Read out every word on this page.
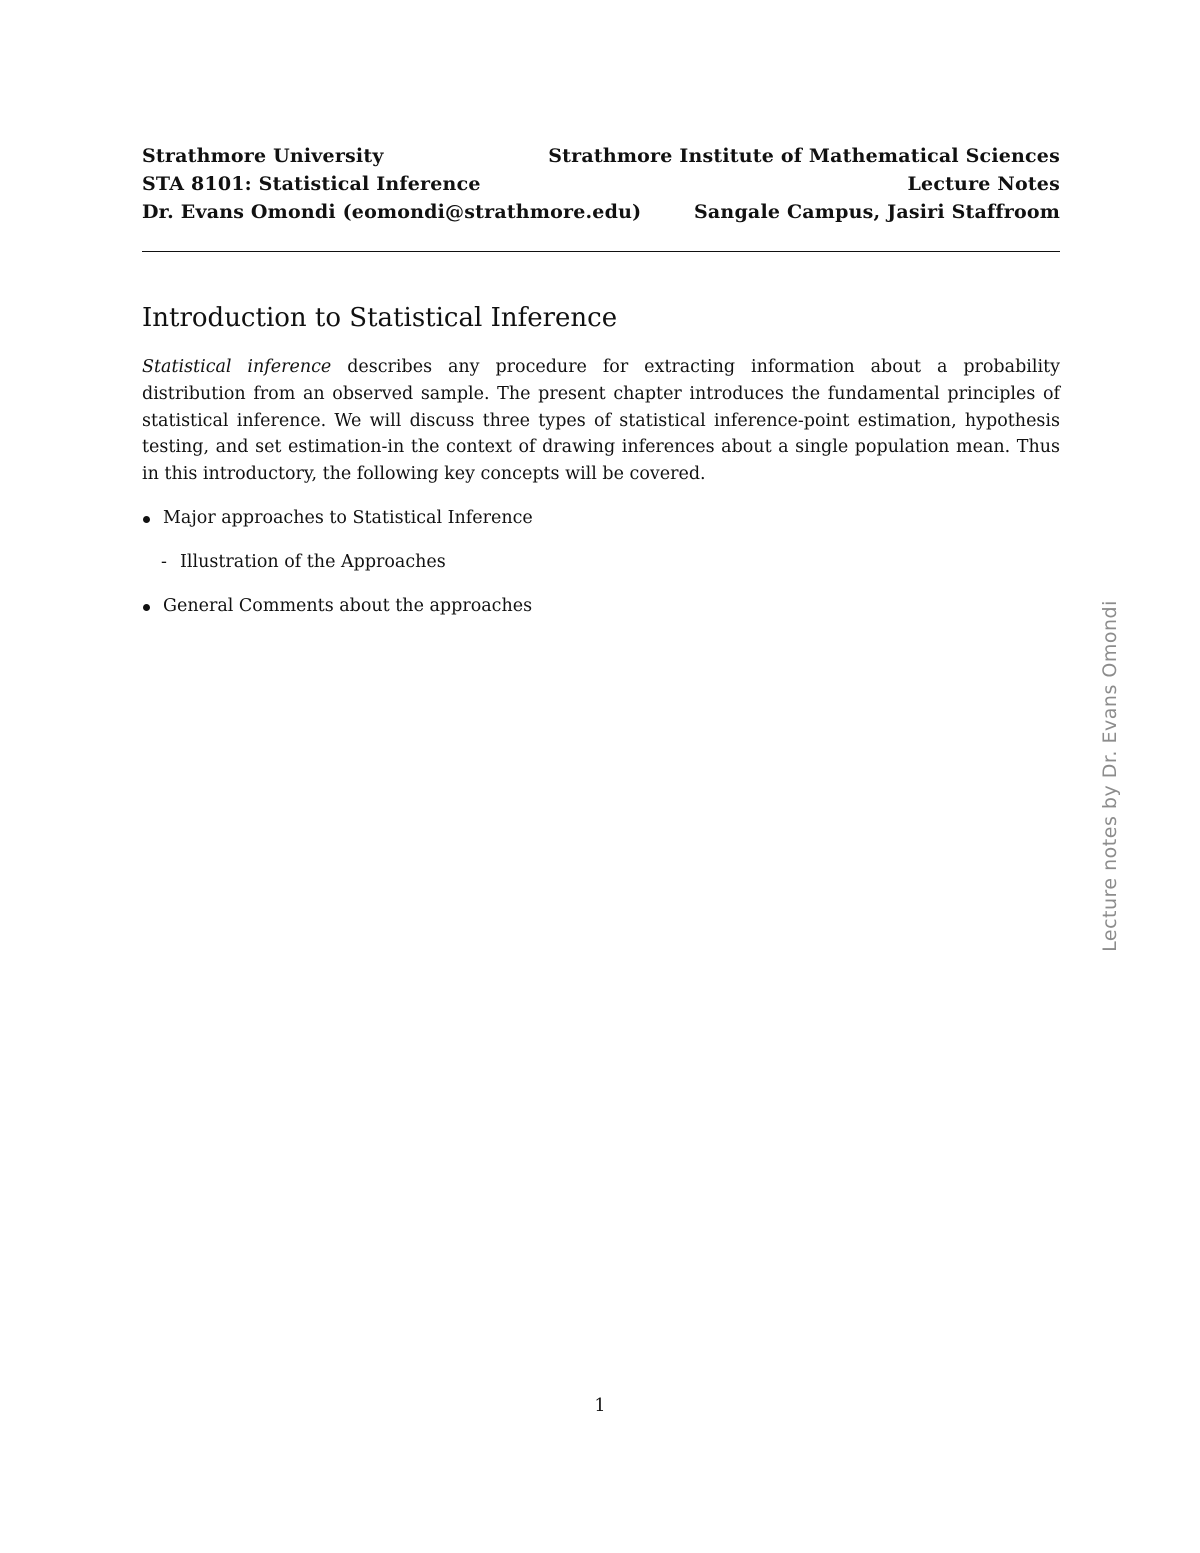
Strathmore University	Strathmore Institute of Mathematical Sciences
STA 8101: Statistical Inference	Lecture Notes
Dr. Evans Omondi (eomondi@strathmore.edu)	Sangale Campus, Jasiri Staffroom
Introduction to Statistical Inference

Statistical inference describes any procedure for extracting information about a probability distribution from an observed sample. The present chapter introduces the fundamental principles of statistical inference. We will discuss three types of statistical inference-point estimation, hypothesis testing, and set estimation-in the context of drawing inferences about a single population mean. Thus in this introductory, the following key concepts will be covered.

Major approaches to Statistical Inference
- Illustration of the Approaches
General Comments about the approaches	Lecture notes by Dr. Evans Omondi
1
